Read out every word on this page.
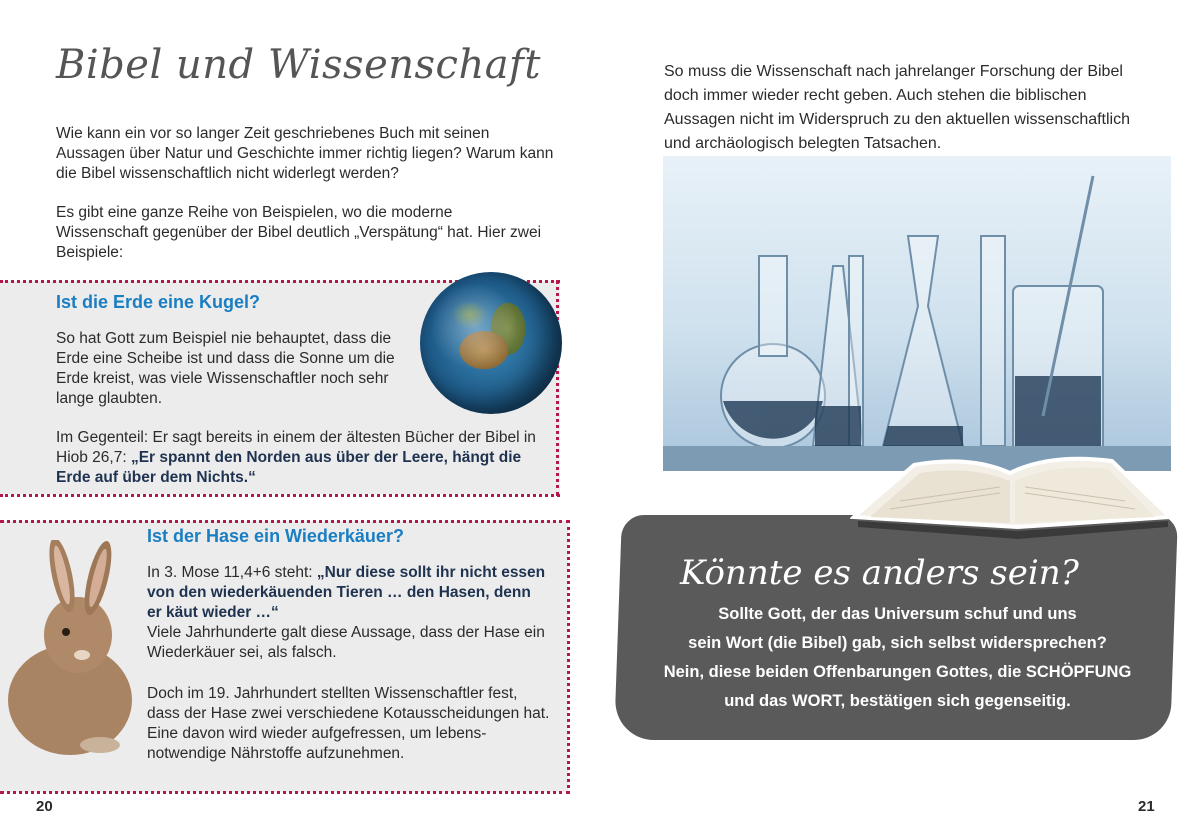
Bibel und Wissenschaft
Wie kann ein vor so langer Zeit geschriebenes Buch mit seinen Aussagen über Natur und Geschichte immer richtig liegen? Warum kann die Bibel wissenschaftlich nicht widerlegt werden?
Es gibt eine ganze Reihe von Beispielen, wo die moderne Wissenschaft gegenüber der Bibel deutlich „Verspätung“ hat. Hier zwei Beispiele:
Ist die Erde eine Kugel?
So hat Gott zum Beispiel nie behauptet, dass die Erde eine Scheibe ist und dass die Sonne um die Erde kreist, was viele Wissenschaftler noch sehr lange glaubten.
Im Gegenteil: Er sagt bereits in einem der ältesten Bücher der Bibel in Hiob 26,7: „Er spannt den Norden aus über der Leere, hängt die Erde auf über dem Nichts.“
Ist der Hase ein Wiederkäuer?
In 3. Mose 11,4+6 steht: „Nur diese sollt ihr nicht essen von den wiederkäuenden Tieren … den Hasen, denn er käut wieder …“
Viele Jahrhunderte galt diese Aussage, dass der Hase ein Wiederkäuer sei, als falsch.
Doch im 19. Jahrhundert stellten Wissenschaftler fest, dass der Hase zwei verschiedene Kotausscheidungen hat. Eine davon wird wieder aufgefressen, um lebens-notwendige Nährstoffe aufzunehmen.
20
So muss die Wissenschaft nach jahrelanger Forschung der Bibel doch immer wieder recht geben. Auch stehen die biblischen Aussagen nicht im Widerspruch zu den aktuellen wissenschaftlich und archäologisch belegten Tatsachen.
Könnte es anders sein?
Sollte Gott, der das Universum schuf und uns
sein Wort (die Bibel) gab, sich selbst widersprechen?
Nein, diese beiden Offenbarungen Gottes, die SCHÖPFUNG
und das WORT, bestätigen sich gegenseitig.
21
